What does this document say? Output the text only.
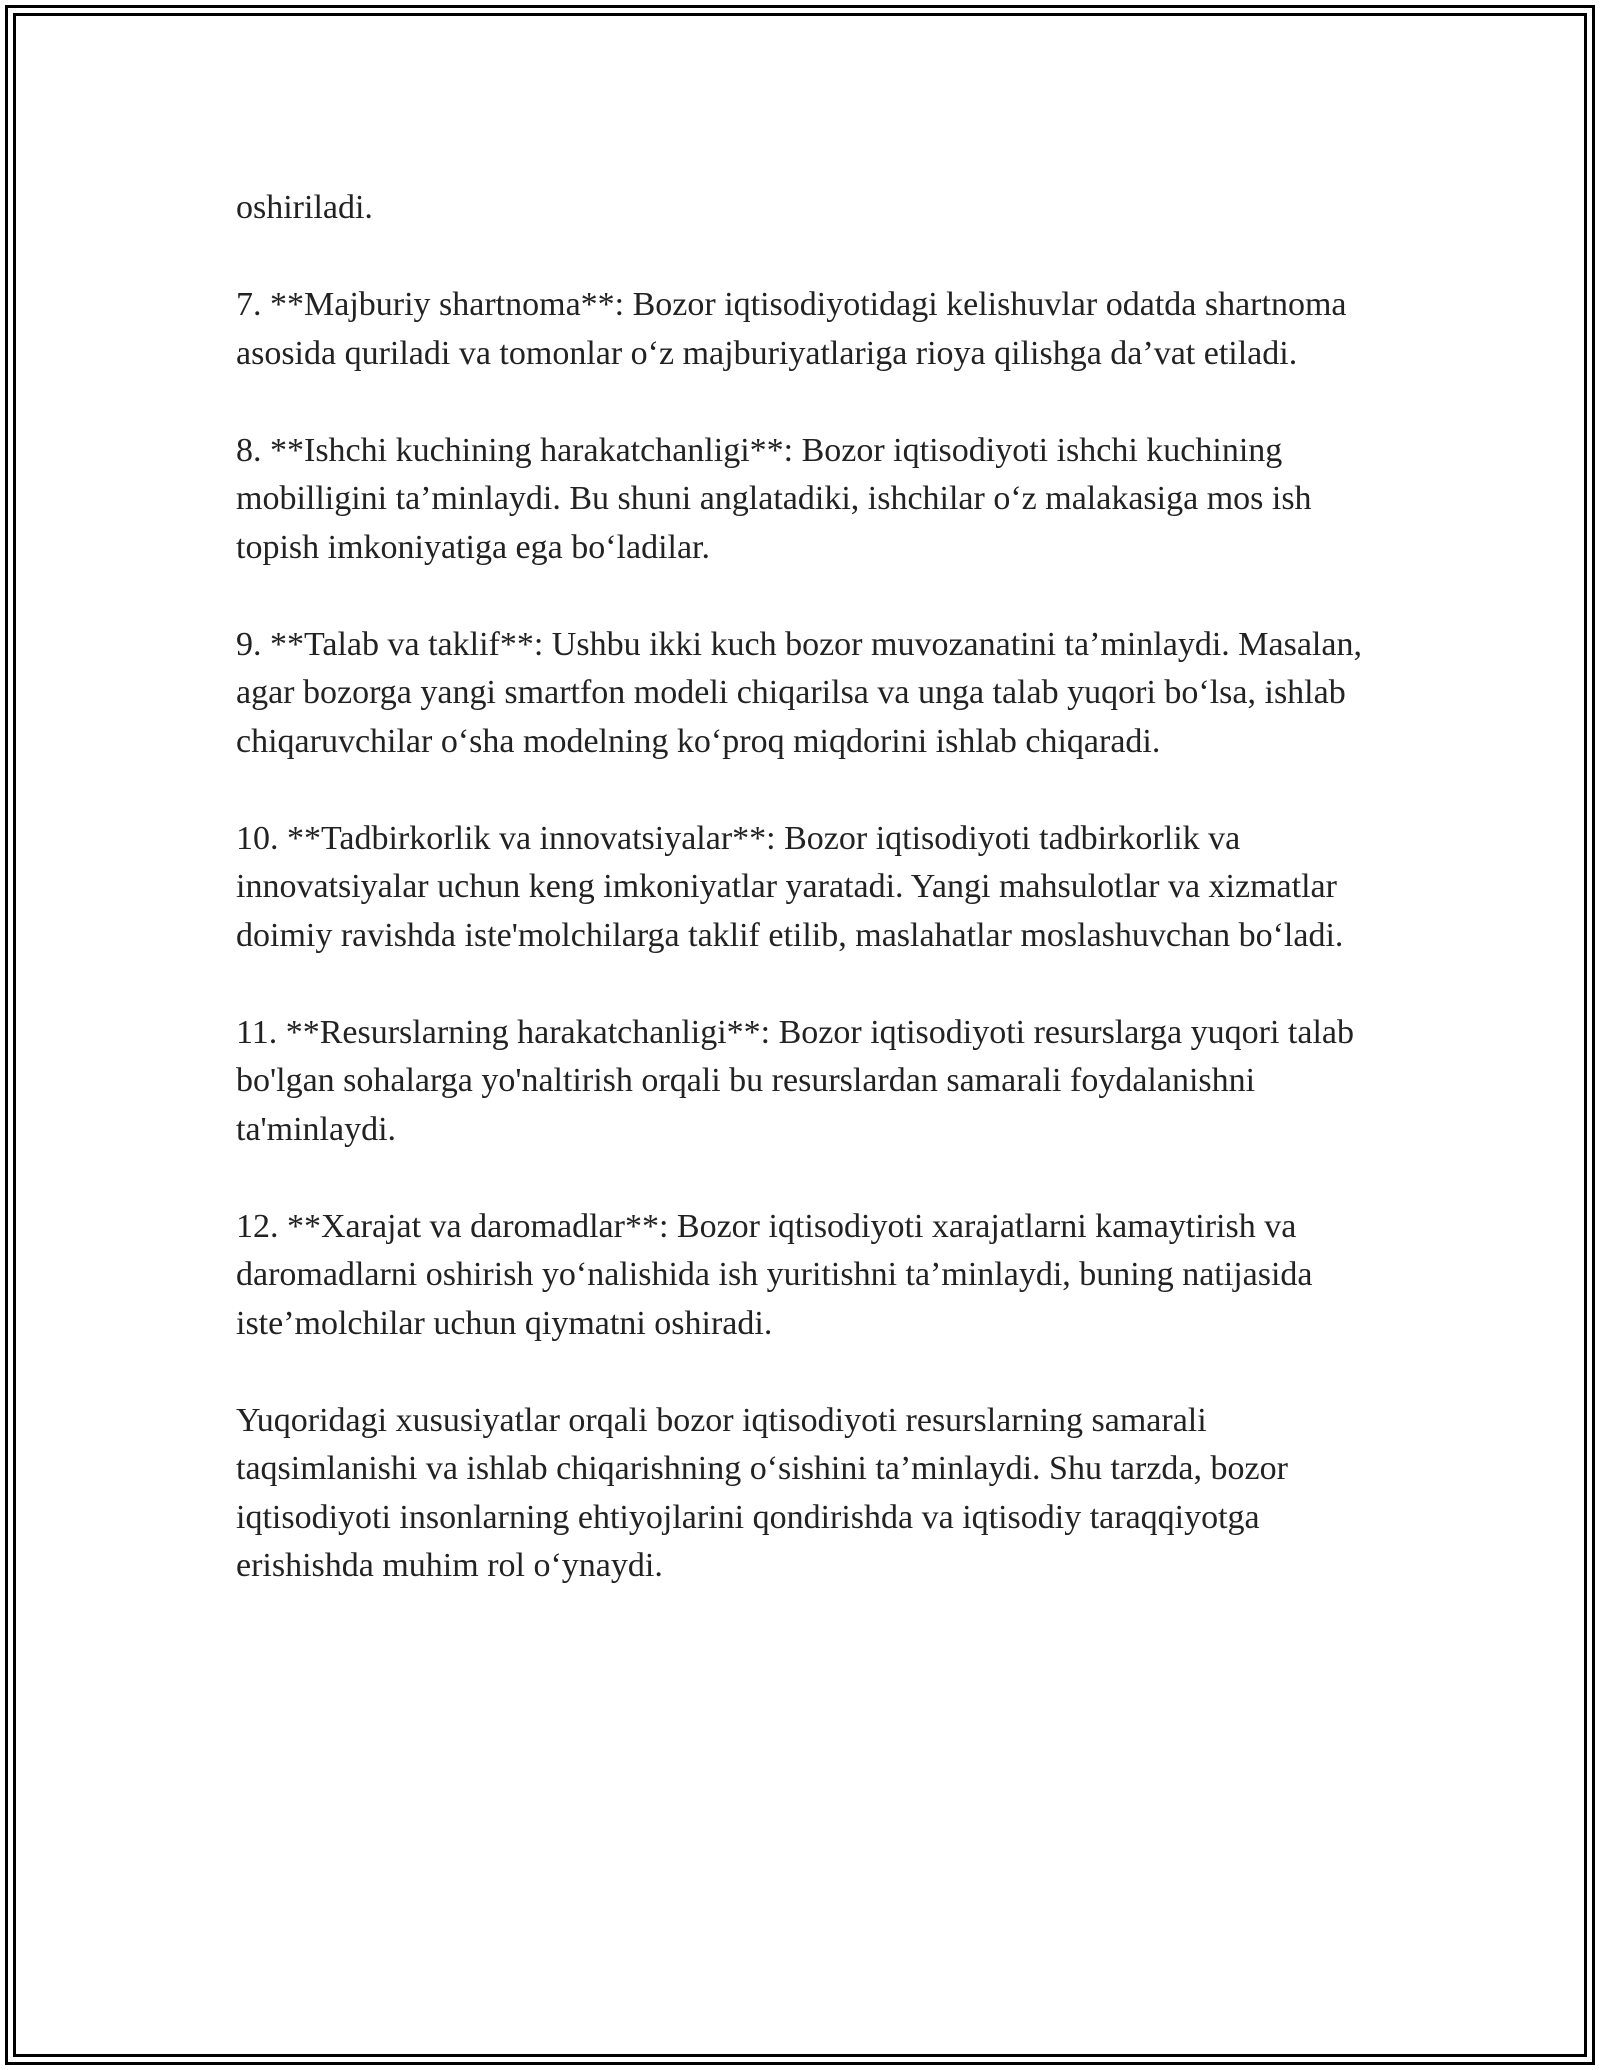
oshiriladi.

7. **Majburiy shartnoma**: Bozor iqtisodiyotidagi kelishuvlar odatda shartnoma asosida quriladi va tomonlar o‘z majburiyatlariga rioya qilishga da’vat etiladi.

8. **Ishchi kuchining harakatchanligi**: Bozor iqtisodiyoti ishchi kuchining mobilligini ta’minlaydi. Bu shuni anglatadiki, ishchilar o‘z malakasiga mos ish topish imkoniyatiga ega bo‘ladilar.

9. **Talab va taklif**: Ushbu ikki kuch bozor muvozanatini ta’minlaydi. Masalan, agar bozorga yangi smartfon modeli chiqarilsa va unga talab yuqori bo‘lsa, ishlab chiqaruvchilar o‘sha modelning ko‘proq miqdorini ishlab chiqaradi.

10. **Tadbirkorlik va innovatsiyalar**: Bozor iqtisodiyoti tadbirkorlik va innovatsiyalar uchun keng imkoniyatlar yaratadi. Yangi mahsulotlar va xizmatlar doimiy ravishda iste'molchilarga taklif etilib, maslahatlar moslashuvchan bo‘ladi.

11. **Resurslarning harakatchanligi**: Bozor iqtisodiyoti resurslarga yuqori talab bo'lgan sohalarga yo'naltirish orqali bu resurslardan samarali foydalanishni ta'minlaydi.

12. **Xarajat va daromadlar**: Bozor iqtisodiyoti xarajatlarni kamaytirish va daromadlarni oshirish yo‘nalishida ish yuritishni ta’minlaydi, buning natijasida iste’molchilar uchun qiymatni oshiradi.

Yuqoridagi xususiyatlar orqali bozor iqtisodiyoti resurslarning samarali taqsimlanishi va ishlab chiqarishning o‘sishini ta’minlaydi. Shu tarzda, bozor iqtisodiyoti insonlarning ehtiyojlarini qondirishda va iqtisodiy taraqqiyotga erishishda muhim rol o‘ynaydi.
